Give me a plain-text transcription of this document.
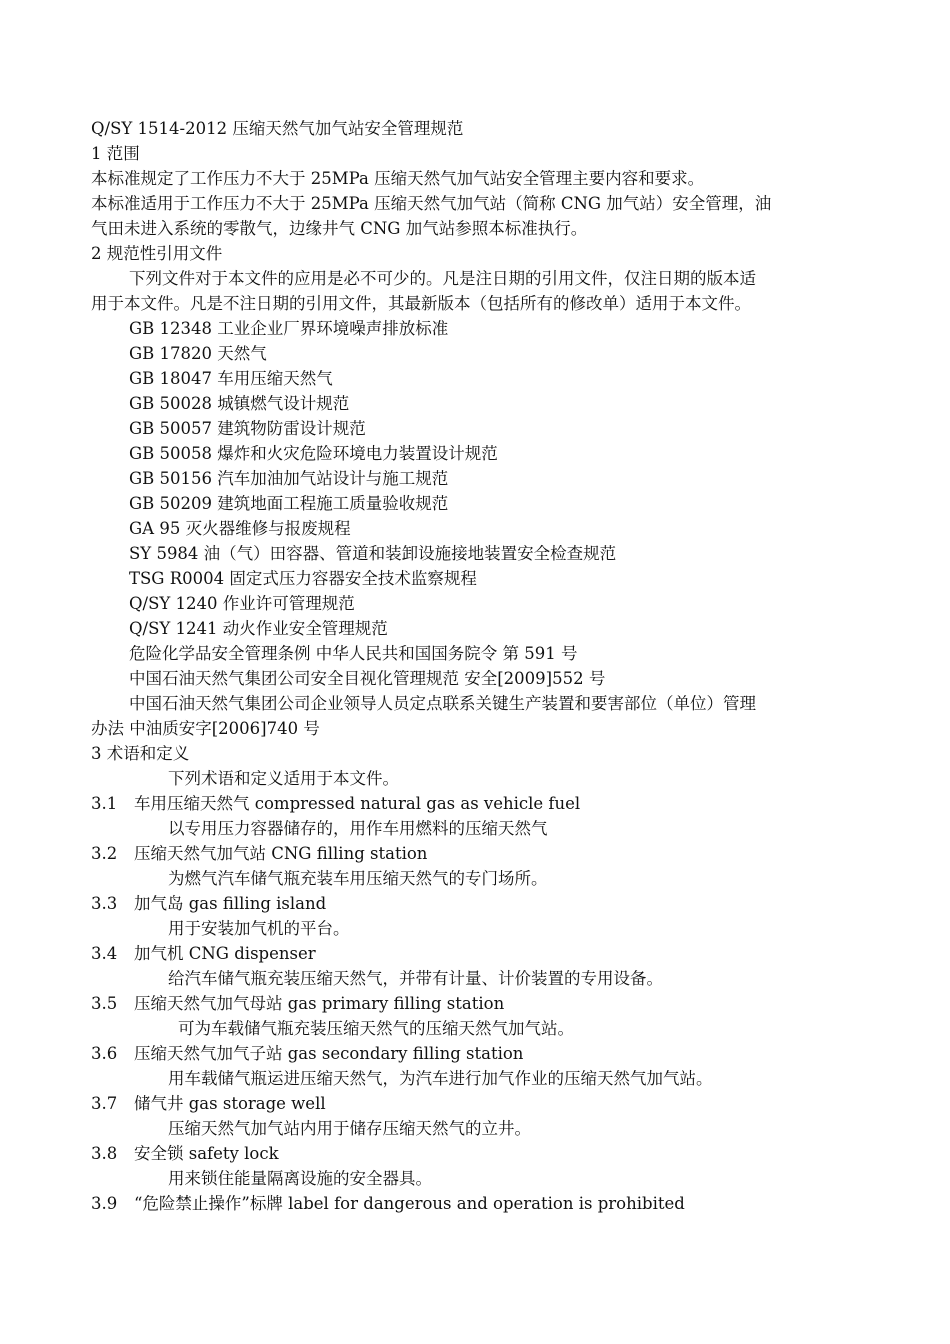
Q/SY 1514-2012 压缩天然气加气站安全管理规范
1 范围
本标准规定了工作压力不大于 25MPa 压缩天然气加气站安全管理主要内容和要求。
本标准适用于工作压力不大于 25MPa 压缩天然气加气站（简称 CNG 加气站）安全管理，油
气田未进入系统的零散气，边缘井气 CNG 加气站参照本标准执行。
2 规范性引用文件
下列文件对于本文件的应用是必不可少的。凡是注日期的引用文件，仅注日期的版本适
用于本文件。凡是不注日期的引用文件，其最新版本（包括所有的修改单）适用于本文件。
GB 12348 工业企业厂界环境噪声排放标准
GB 17820 天然气
GB 18047 车用压缩天然气
GB 50028 城镇燃气设计规范
GB 50057 建筑物防雷设计规范
GB 50058 爆炸和火灾危险环境电力装置设计规范
GB 50156 汽车加油加气站设计与施工规范
GB 50209 建筑地面工程施工质量验收规范
GA 95 灭火器维修与报废规程
SY 5984 油（气）田容器、管道和装卸设施接地装置安全检查规范
TSG R0004 固定式压力容器安全技术监察规程
Q/SY 1240 作业许可管理规范
Q/SY 1241 动火作业安全管理规范
危险化学品安全管理条例 中华人民共和国国务院令 第 591 号
中国石油天然气集团公司安全目视化管理规范 安全[2009]552 号
中国石油天然气集团公司企业领导人员定点联系关键生产装置和要害部位（单位）管理
办法 中油质安字[2006]740 号
3 术语和定义
下列术语和定义适用于本文件。
3.1	车用压缩天然气 compressed natural gas as vehicle fuel
以专用压力容器储存的，用作车用燃料的压缩天然气
3.2	压缩天然气加气站 CNG filling station
为燃气汽车储气瓶充装车用压缩天然气的专门场所。
3.3	加气岛 gas filling island
用于安装加气机的平台。
3.4	加气机 CNG dispenser
给汽车储气瓶充装压缩天然气，并带有计量、计价装置的专用设备。
3.5	压缩天然气加气母站 gas primary filling station
可为车载储气瓶充装压缩天然气的压缩天然气加气站。
3.6	压缩天然气加气子站 gas secondary filling station
用车载储气瓶运进压缩天然气，为汽车进行加气作业的压缩天然气加气站。
3.7	储气井 gas storage well
压缩天然气加气站内用于储存压缩天然气的立井。
3.8	安全锁 safety lock
用来锁住能量隔离设施的安全器具。
3.9	“危险禁止操作”标牌 label for dangerous and operation is prohibited
